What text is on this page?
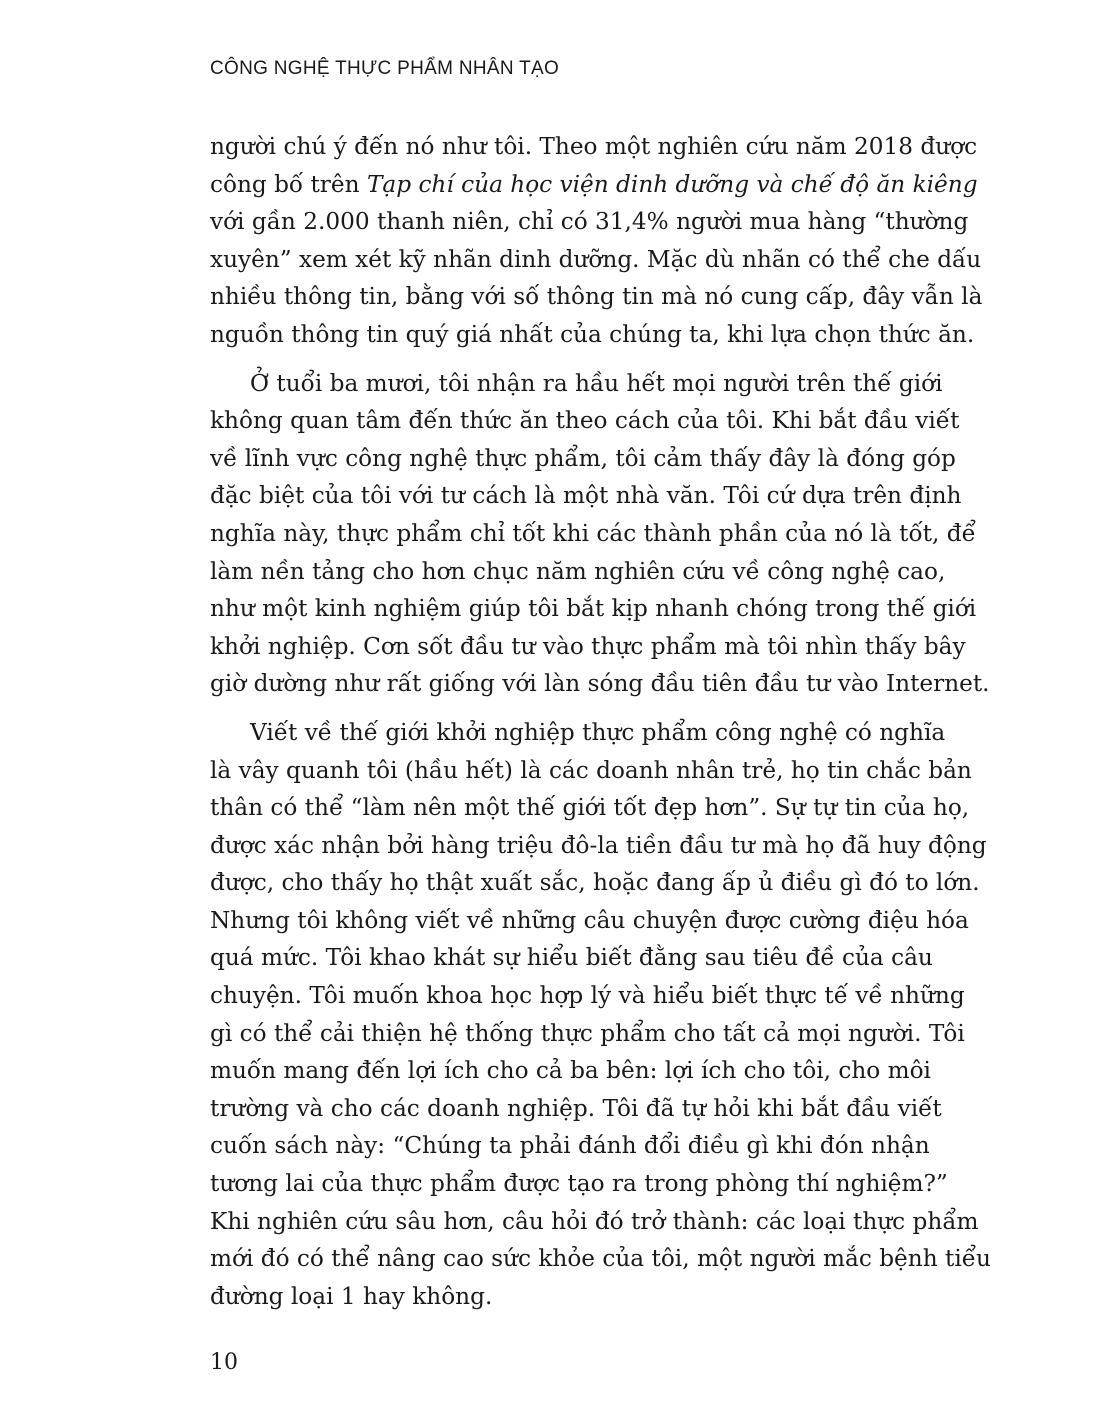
CÔNG NGHỆ THỰC PHẨM NHÂN TẠO

người chú ý đến nó như tôi. Theo một nghiên cứu năm 2018 được
công bố trên Tạp chí của học viện dinh dưỡng và chế độ ăn kiêng
với gần 2.000 thanh niên, chỉ có 31,4% người mua hàng “thường
xuyên” xem xét kỹ nhãn dinh dưỡng. Mặc dù nhãn có thể che dấu
nhiều thông tin, bằng với số thông tin mà nó cung cấp, đây vẫn là
nguồn thông tin quý giá nhất của chúng ta, khi lựa chọn thức ăn.

Ở tuổi ba mươi, tôi nhận ra hầu hết mọi người trên thế giới
không quan tâm đến thức ăn theo cách của tôi. Khi bắt đầu viết
về lĩnh vực công nghệ thực phẩm, tôi cảm thấy đây là đóng góp
đặc biệt của tôi với tư cách là một nhà văn. Tôi cứ dựa trên định
nghĩa này, thực phẩm chỉ tốt khi các thành phần của nó là tốt, để
làm nền tảng cho hơn chục năm nghiên cứu về công nghệ cao,
như một kinh nghiệm giúp tôi bắt kịp nhanh chóng trong thế giới
khởi nghiệp. Cơn sốt đầu tư vào thực phẩm mà tôi nhìn thấy bây
giờ dường như rất giống với làn sóng đầu tiên đầu tư vào Internet.

Viết về thế giới khởi nghiệp thực phẩm công nghệ có nghĩa
là vây quanh tôi (hầu hết) là các doanh nhân trẻ, họ tin chắc bản
thân có thể “làm nên một thế giới tốt đẹp hơn”. Sự tự tin của họ,
được xác nhận bởi hàng triệu đô-la tiền đầu tư mà họ đã huy động
được, cho thấy họ thật xuất sắc, hoặc đang ấp ủ điều gì đó to lớn.
Nhưng tôi không viết về những câu chuyện được cường điệu hóa
quá mức. Tôi khao khát sự hiểu biết đằng sau tiêu đề của câu
chuyện. Tôi muốn khoa học hợp lý và hiểu biết thực tế về những
gì có thể cải thiện hệ thống thực phẩm cho tất cả mọi người. Tôi
muốn mang đến lợi ích cho cả ba bên: lợi ích cho tôi, cho môi
trường và cho các doanh nghiệp. Tôi đã tự hỏi khi bắt đầu viết
cuốn sách này: “Chúng ta phải đánh đổi điều gì khi đón nhận
tương lai của thực phẩm được tạo ra trong phòng thí nghiệm?”
Khi nghiên cứu sâu hơn, câu hỏi đó trở thành: các loại thực phẩm
mới đó có thể nâng cao sức khỏe của tôi, một người mắc bệnh tiểu
đường loại 1 hay không.

10
